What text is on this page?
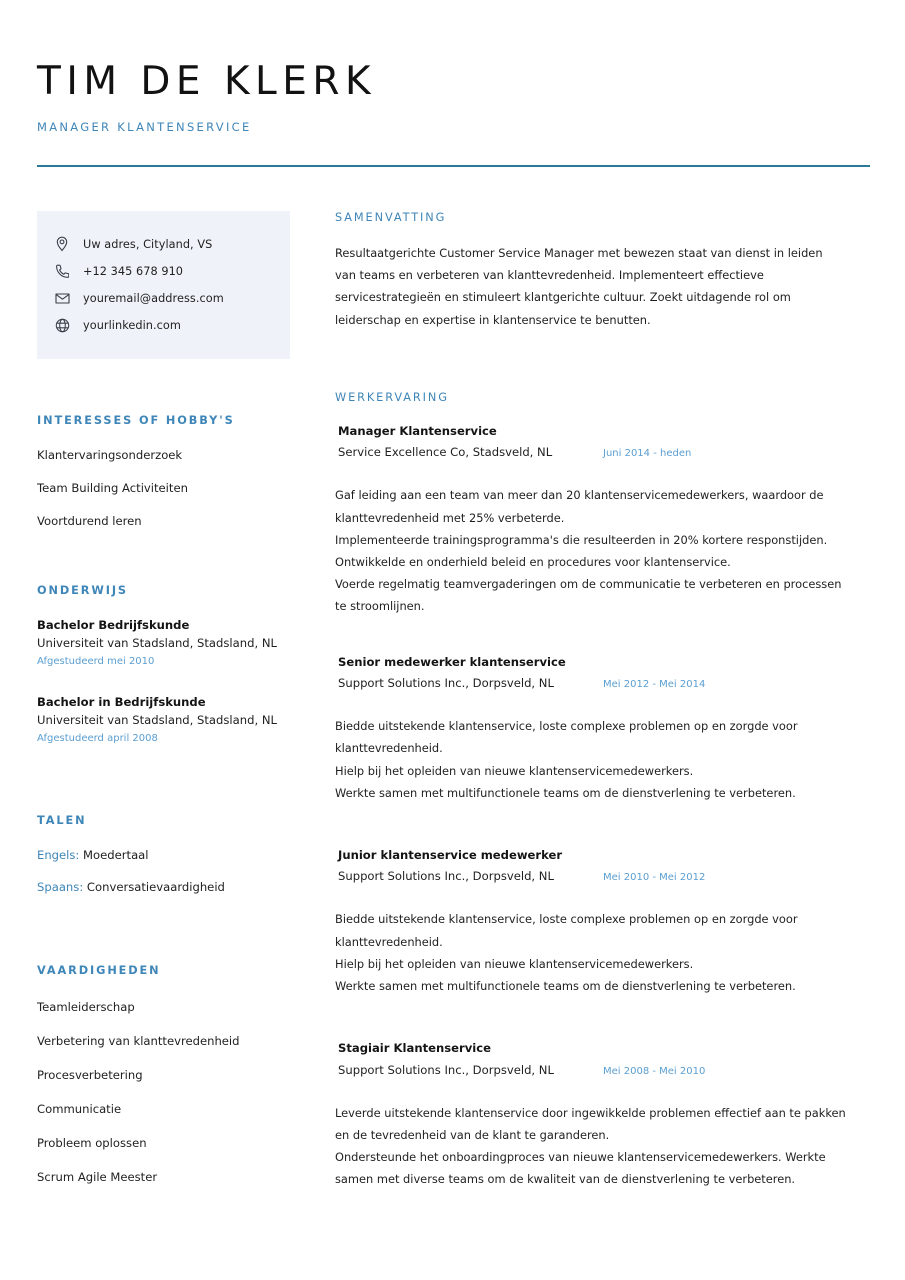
TIM DE KLERK
MANAGER KLANTENSERVICE
Uw adres, Cityland, VS
+12 345 678 910
youremail@address.com
yourlinkedin.com
INTERESSES OF HOBBY'S
Klantervaringsonderzoek
Team Building Activiteiten
Voortdurend leren
ONDERWIJS
Bachelor Bedrijfskunde
Universiteit van Stadsland, Stadsland, NL
Afgestudeerd mei 2010
Bachelor in Bedrijfskunde
Universiteit van Stadsland, Stadsland, NL
Afgestudeerd april 2008
TALEN
Engels: Moedertaal
Spaans: Conversatievaardigheid
VAARDIGHEDEN
Teamleiderschap
Verbetering van klanttevredenheid
Procesverbetering
Communicatie
Probleem oplossen
Scrum Agile Meester
SAMENVATTING
Resultaatgerichte Customer Service Manager met bewezen staat van dienst in leiden van teams en verbeteren van klanttevredenheid. Implementeert effectieve servicestrategieën en stimuleert klantgerichte cultuur. Zoekt uitdagende rol om leiderschap en expertise in klantenservice te benutten.
WERKERVARING
Manager Klantenservice
Service Excellence Co, Stadsveld, NL	Juni 2014 - heden

Gaf leiding aan een team van meer dan 20 klantenservicemedewerkers, waardoor de klanttevredenheid met 25% verbeterde.

Implementeerde trainingsprogramma's die resulteerden in 20% kortere responstijden.

Ontwikkelde en onderhield beleid en procedures voor klantenservice.

Voerde regelmatig teamvergaderingen om de communicatie te verbeteren en processen te stroomlijnen.

Senior medewerker klantenservice
Support Solutions Inc., Dorpsveld, NL	Mei 2012 - Mei 2014

Biedde uitstekende klantenservice, loste complexe problemen op en zorgde voor klanttevredenheid.

Hielp bij het opleiden van nieuwe klantenservicemedewerkers.

Werkte samen met multifunctionele teams om de dienstverlening te verbeteren.

Junior klantenservice medewerker
Support Solutions Inc., Dorpsveld, NL	Mei 2010 - Mei 2012

Biedde uitstekende klantenservice, loste complexe problemen op en zorgde voor klanttevredenheid.

Hielp bij het opleiden van nieuwe klantenservicemedewerkers.

Werkte samen met multifunctionele teams om de dienstverlening te verbeteren.

Stagiair Klantenservice
Support Solutions Inc., Dorpsveld, NL	Mei 2008 - Mei 2010

Leverde uitstekende klantenservice door ingewikkelde problemen effectief aan te pakken en de tevredenheid van de klant te garanderen.

Ondersteunde het onboardingproces van nieuwe klantenservicemedewerkers. Werkte samen met diverse teams om de kwaliteit van de dienstverlening te verbeteren.
